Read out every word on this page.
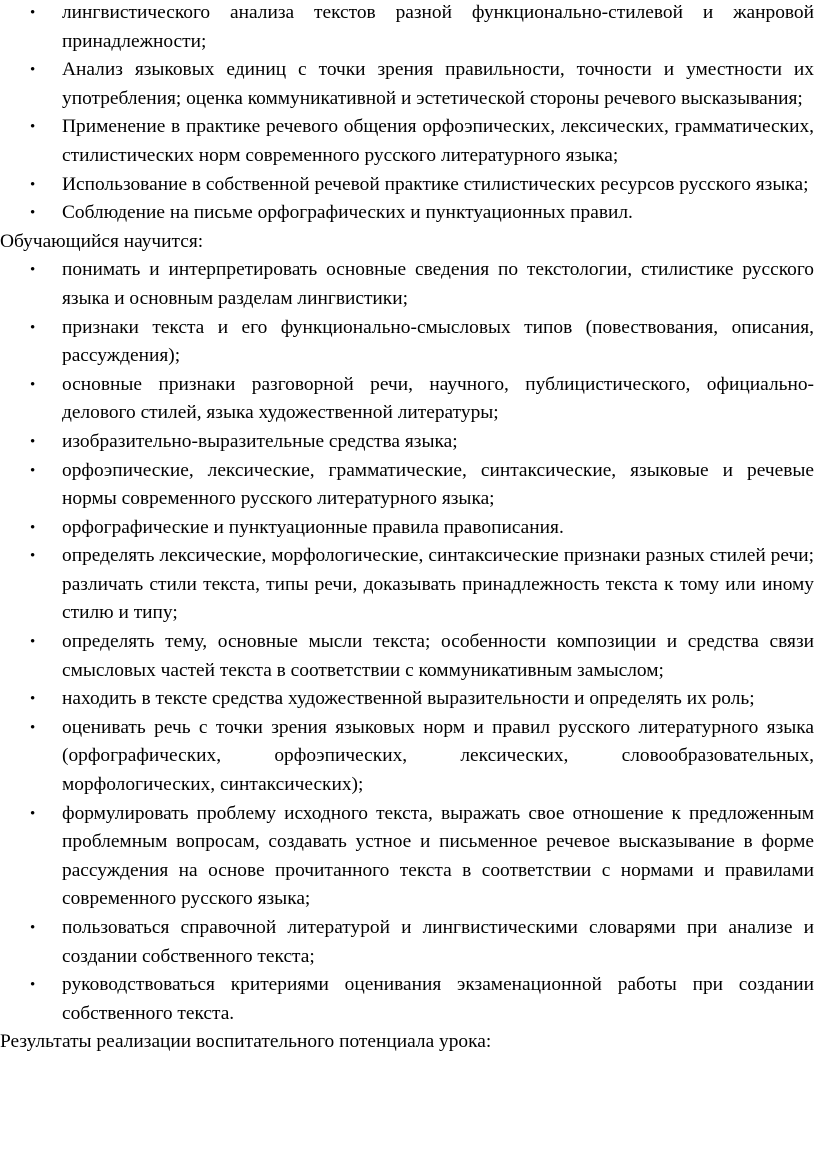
• лингвистического анализа текстов разной функционально-стилевой и жанровой принадлежности;
• Анализ языковых единиц с точки зрения правильности, точности и уместности их употребления; оценка коммуникативной и эстетической стороны речевого высказывания;
• Применение в практике речевого общения орфоэпических, лексических, грамматических, стилистических норм современного русского литературного языка;
• Использование в собственной речевой практике стилистических ресурсов русского языка;
• Соблюдение на письме орфографических и пунктуационных правил.

Обучающийся научится:

• понимать и интерпретировать основные сведения по текстологии, стилистике русского языка и основным разделам лингвистики;
• признаки текста и его функционально-смысловых типов (повествования, описания, рассуждения);
• основные признаки разговорной речи, научного, публицистического, официально-делового стилей, языка художественной литературы;
• изобразительно-выразительные средства языка;
• орфоэпические, лексические, грамматические, синтаксические, языковые и речевые нормы современного русского литературного языка;
• орфографические и пунктуационные правила правописания.
• определять лексические, морфологические, синтаксические признаки разных стилей речи; различать стили текста, типы речи, доказывать принадлежность текста к тому или иному стилю и типу;
• определять тему, основные мысли текста; особенности композиции и средства связи смысловых частей текста в соответствии с коммуникативным замыслом;
• находить в тексте средства художественной выразительности и определять их роль;
• оценивать речь с точки зрения языковых норм и правил русского литературного языка (орфографических, орфоэпических, лексических, словообразовательных, морфологических, синтаксических);
• формулировать проблему исходного текста, выражать свое отношение к предложенным проблемным вопросам, создавать устное и письменное речевое высказывание в форме рассуждения на основе прочитанного текста в соответствии с нормами и правилами современного русского языка;
• пользоваться справочной литературой и лингвистическими словарями при анализе и создании собственного текста;
• руководствоваться критериями оценивания экзаменационной работы при создании собственного текста.

Результаты реализации воспитательного потенциала урока:
